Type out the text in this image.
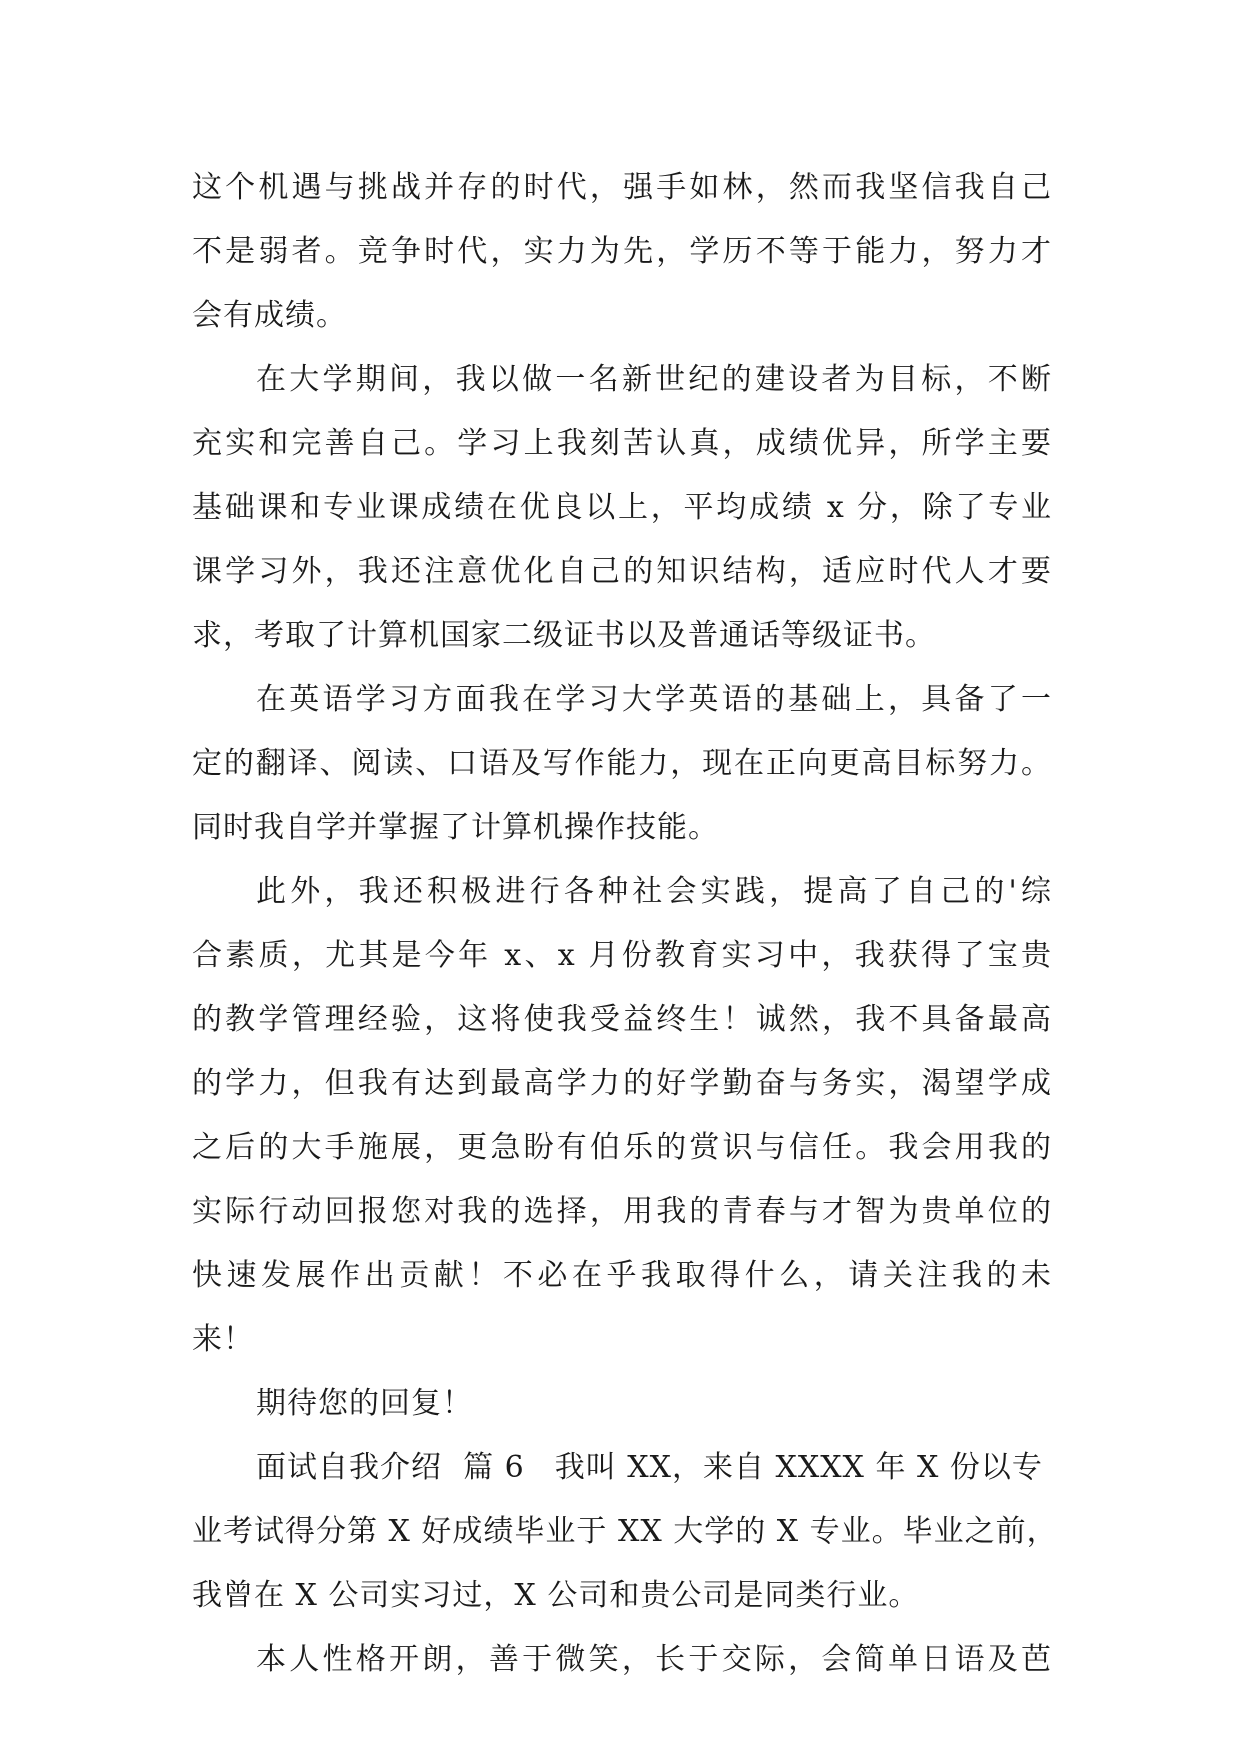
这个机遇与挑战并存的时代，强手如林，然而我坚信我自己
不是弱者。竞争时代，实力为先，学历不等于能力，努力才
会有成绩。
在大学期间，我以做一名新世纪的建设者为目标，不断
充实和完善自己。学习上我刻苦认真，成绩优异，所学主要
基础课和专业课成绩在优良以上，平均成绩 x 分，除了专业
课学习外，我还注意优化自己的知识结构，适应时代人才要
求，考取了计算机国家二级证书以及普通话等级证书。
在英语学习方面我在学习大学英语的基础上，具备了一
定的翻译、阅读、口语及写作能力，现在正向更高目标努力。
同时我自学并掌握了计算机操作技能。
此外，我还积极进行各种社会实践，提高了自己的'综
合素质，尤其是今年 x、x 月份教育实习中，我获得了宝贵
的教学管理经验，这将使我受益终生！诚然，我不具备最高
的学力，但我有达到最高学力的好学勤奋与务实，渴望学成
之后的大手施展，更急盼有伯乐的赏识与信任。我会用我的
实际行动回报您对我的选择，用我的青春与才智为贵单位的
快速发展作出贡献！不必在乎我取得什么，请关注我的未
来！
期待您的回复！
面试自我介绍  篇 6 我叫 XX，来自 XXXX 年 X 份以专
业考试得分第 X 好成绩毕业于 XX 大学的 X 专业。毕业之前，
我曾在 X 公司实习过，X 公司和贵公司是同类行业。
本人性格开朗，善于微笑，长于交际，会简单日语及芭
